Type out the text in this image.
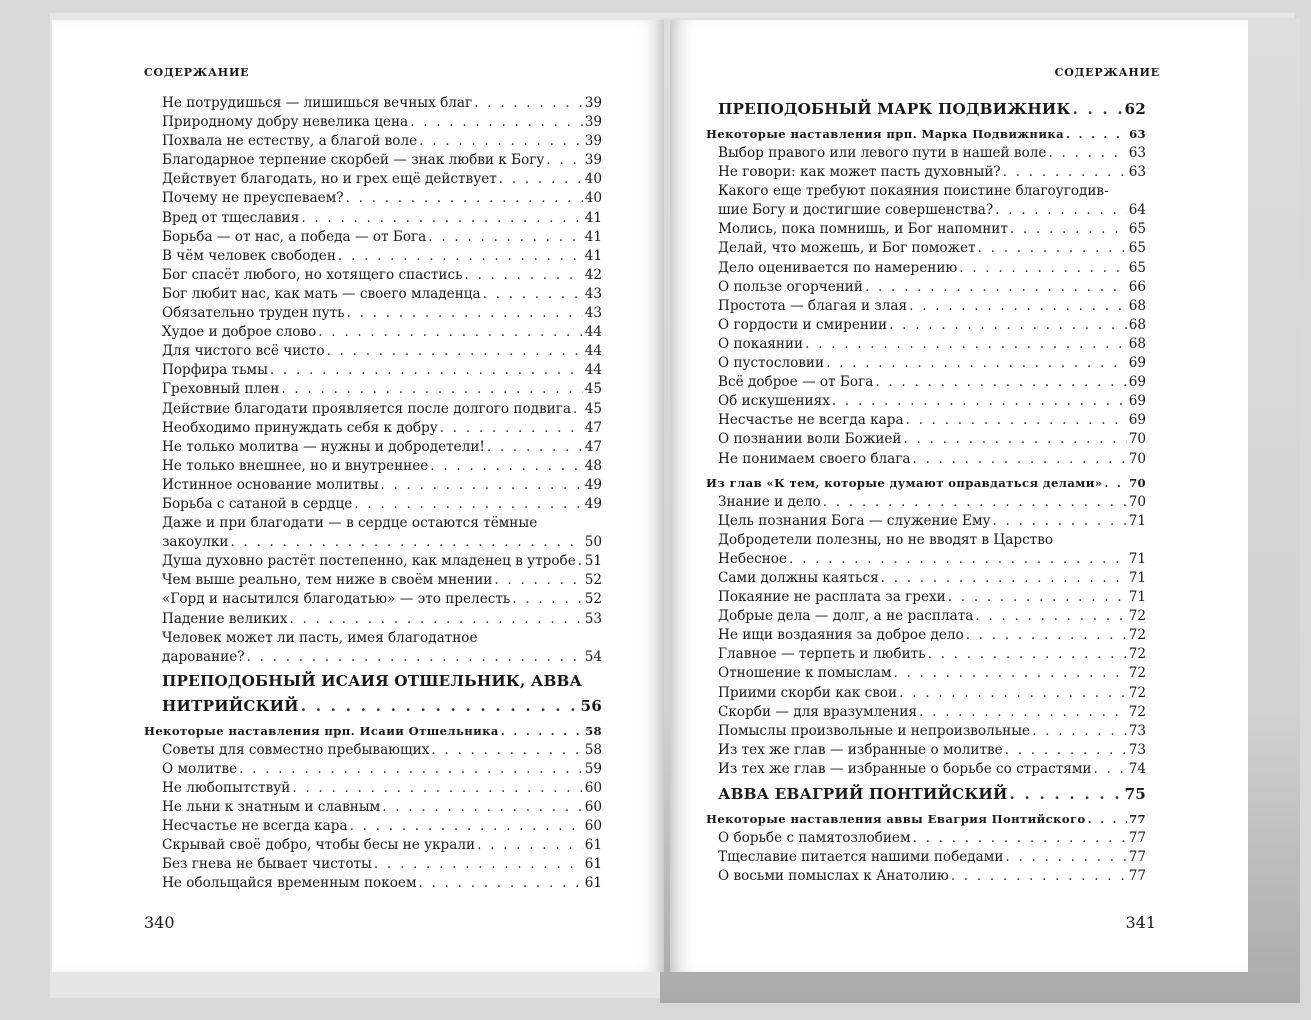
СОДЕРЖАНИЕ
Не потрудишься — лишишься вечных благ . . .	39
Природному добру невелика цена . . .	39
Похвала не естеству, а благой воле . . .	39
Благодарное терпение скорбей — знак любви к Богу . . .	39
Действует благодать, но и грех ещё действует . . .	40
Почему не преуспеваем? . . .	40
Вред от тщеславия . . .	41
Борьба — от нас, а победа — от Бога . . .	41
В чём человек свободен . . .	41
Бог спасёт любого, но хотящего спастись . . .	42
Бог любит нас, как мать — своего младенца . . .	43
Обязательно труден путь . . .	43
Худое и доброе слово . . .	44
Для чистого всё чисто . . .	44
Порфира тьмы . . .	44
Греховный плен . . .	45
Действие благодати проявляется после долгого подвига . . . 45
Необходимо принуждать себя к добру . . .	47
Не только молитва — нужны и добродетели! . . .	47
Не только внешнее, но и внутреннее . . .	48
Истинное основание молитвы . . .	49
Борьба с сатаной в сердце . . .	49
Даже и при благодати — в сердце остаются тёмные
закоулки . . .	50
Душа духовно растёт постепенно, как младенец в утробе . . . 51
Чем выше реально, тем ниже в своём мнении . . .	52
«Горд и насытился благодатью» — это прелесть . . .	52
Падение великих . . .	53
Человек может ли пасть, имея благодатное
дарование? . . .	54
ПРЕПОДОБНЫЙ ИСАИЯ ОТШЕЛЬНИК, АВВА
НИТРИЙСКИЙ . . .	56
Некоторые наставления прп. Исаии Отшельника . . .	58
Советы для совместно пребывающих . . .	58
О молитве . . .	59
Не любопытствуй . . .	60
Не льни к знатным и славным . . .	60
Несчастье не всегда кара . . .	60
Скрывай своё добро, чтобы бесы не украли . . .	61
Без гнева не бывает чистоты . . .	61
Не обольщайся временным покоем . . .	61
340
СОДЕРЖАНИЕ
ПРЕПОДОБНЫЙ МАРК ПОДВИЖНИК . . .	62
Некоторые наставления прп. Марка Подвижника . . .	63
Выбор правого или левого пути в нашей воле . . .	63
Не говори: как может пасть духовный? . . .	63
Какого еще требуют покаяния поистине благоугодив-
шие Богу и достигшие совершенства? . . .	64
Молись, пока помнишь, и Бог напомнит . . .	65
Делай, что можешь, и Бог поможет . . .	65
Дело оценивается по намерению . . .	65
О пользе огорчений . . .	66
Простота — благая и злая . . .	68
О гордости и смирении . . .	68
О покаянии . . .	68
О пустословии . . .	69
Всё доброе — от Бога . . .	69
Об искушениях . . .	69
Несчастье не всегда кара . . .	69
О познании воли Божией . . .	70
Не понимаем своего блага . . .	70
Из глав «К тем, которые думают оправдаться делами» . . . 70
Знание и дело . . .	70
Цель познания Бога — служение Ему . . .	71
Добродетели полезны, но не вводят в Царство
Небесное . . .	71
Сами должны каяться . . .	71
Покаяние не расплата за грехи . . .	71
Добрые дела — долг, а не расплата . . .	72
Не ищи воздаяния за доброе дело . . .	72
Главное — терпеть и любить . . .	72
Отношение к помыслам . . .	72
Приими скорби как свои . . .	72
Скорби — для вразумления . . .	72
Помыслы произвольные и непроизвольные . . .	73
Из тех же глав — избранные о молитве . . .	73
Из тех же глав — избранные о борьбе со страстями . . .	74
АВВА ЕВАГРИЙ ПОНТИЙСКИЙ . . .	75
Некоторые наставления аввы Евагрия Понтийского . . .	77
О борьбе с памятозлобием . . .	77
Тщеславие питается нашими победами . . .	77
О восьми помыслах к Анатолию . . .	77
341
